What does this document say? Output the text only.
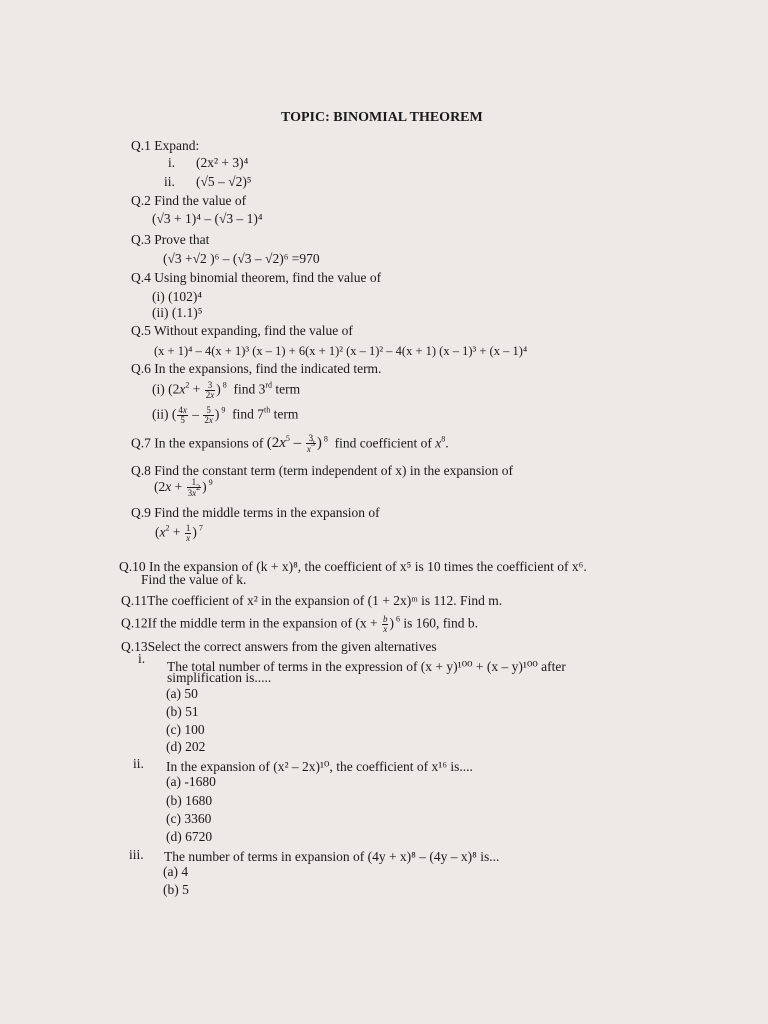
TOPIC: BINOMIAL THEOREM
Q.1 Expand:
i. (2x² + 3)⁴
ii. (√5 – √2)⁵
Q.2 Find the value of
(√3 + 1)⁴ – (√3 – 1)⁴
Q.3 Prove that
(√3 +√2 )⁶ – (√3 – √2)⁶ =970
Q.4 Using binomial theorem, find the value of
(i) (102)⁴
(ii) (1.1)⁵
Q.5 Without expanding, find the value of
(x + 1)⁴ – 4(x + 1)³ (x – 1) + 6(x + 1)² (x – 1)² – 4(x + 1) (x – 1)³ + (x – 1)⁴
Q.6 In the expansions, find the indicated term.
(i) ($2x^2 + \frac{3}{2x}$ ) $^8$  find 3rd term
(ii) ( $\frac{4x}{5} - \frac{5}{2x}$ ) $^9$  find 7th term
Q.7 In the expansions of ($2x^5 - \frac{3}{x^3}$ ) $^8$  find coefficient of $x^8$.
Q.8 Find the constant term (term independent of x) in the expansion of
($2x + \frac{1}{3x^2}$ ) $^9$
Q.9 Find the middle terms in the expansion of
($x^2 + \frac{1}{x}$ ) $^7$
Q.10 In the expansion of (k + x)⁸, the coefficient of x⁵ is 10 times the coefficient of x⁶.
Find the value of k.
Q.11The coefficient of x² in the expansion of (1 + 2x)ᵐ is 112. Find m.
Q.12If the middle term in the expansion of ($x + \frac{b}{x}$ ) $^6$ is 160, find b.
Q.13Select the correct answers from the given alternatives
i.
The total number of terms in the expression of (x + y)¹⁰⁰ + (x – y)¹⁰⁰ after
simplification is.....
(a) 50
(b) 51
(c) 100
(d) 202
ii. In the expansion of (x² – 2x)¹⁰, the coefficient of x¹⁶ is....
(a) -1680
(b) 1680
(c) 3360
(d) 6720
iii. The number of terms in expansion of (4y + x)⁸ – (4y – x)⁸ is...
(a) 4
(b) 5
